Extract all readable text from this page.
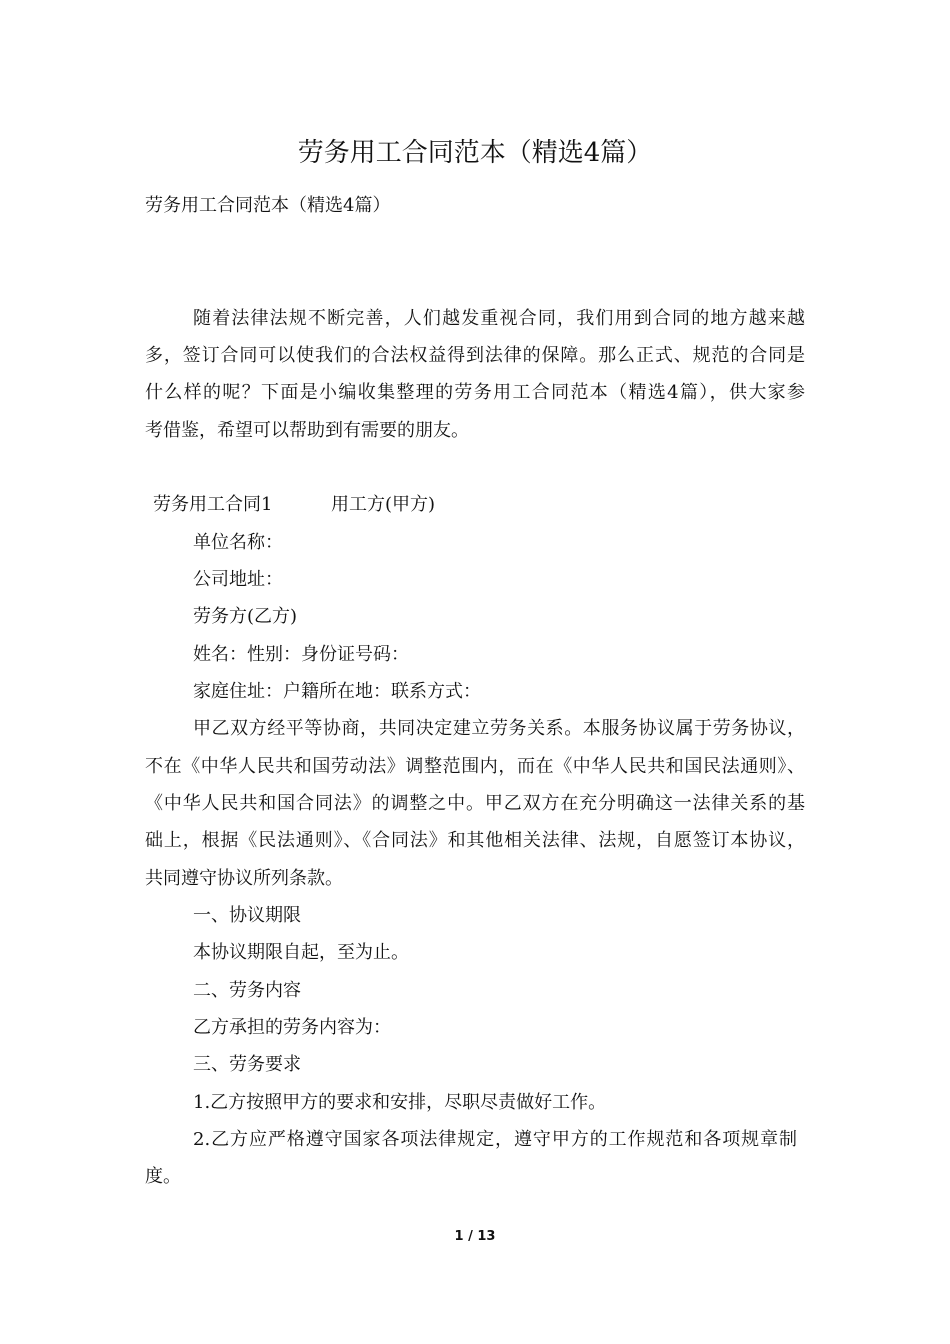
劳务用工合同范本（精选4篇）
劳务用工合同范本（精选4篇）
随着法律法规不断完善，人们越发重视合同，我们用到合同的地方越来越
多，签订合同可以使我们的合法权益得到法律的保障。那么正式、规范的合同是
什么样的呢？下面是小编收集整理的劳务用工合同范本（精选4篇），供大家参
考借鉴，希望可以帮助到有需要的朋友。
劳务用工合同1	用工方(甲方)
单位名称：
公司地址：
劳务方(乙方)
姓名：性别：身份证号码：
家庭住址：户籍所在地：联系方式：
甲乙双方经平等协商，共同决定建立劳务关系。本服务协议属于劳务协议，
不在《中华人民共和国劳动法》调整范围内，而在《中华人民共和国民法通则》、
《中华人民共和国合同法》的调整之中。甲乙双方在充分明确这一法律关系的基
础上，根据《民法通则》、《合同法》和其他相关法律、法规，自愿签订本协议，
共同遵守协议所列条款。
一、协议期限
本协议期限自起，至为止。
二、劳务内容
乙方承担的劳务内容为：
三、劳务要求
1.乙方按照甲方的要求和安排，尽职尽责做好工作。
2.乙方应严格遵守国家各项法律规定，遵守甲方的工作规范和各项规章制
度。
1 / 13
